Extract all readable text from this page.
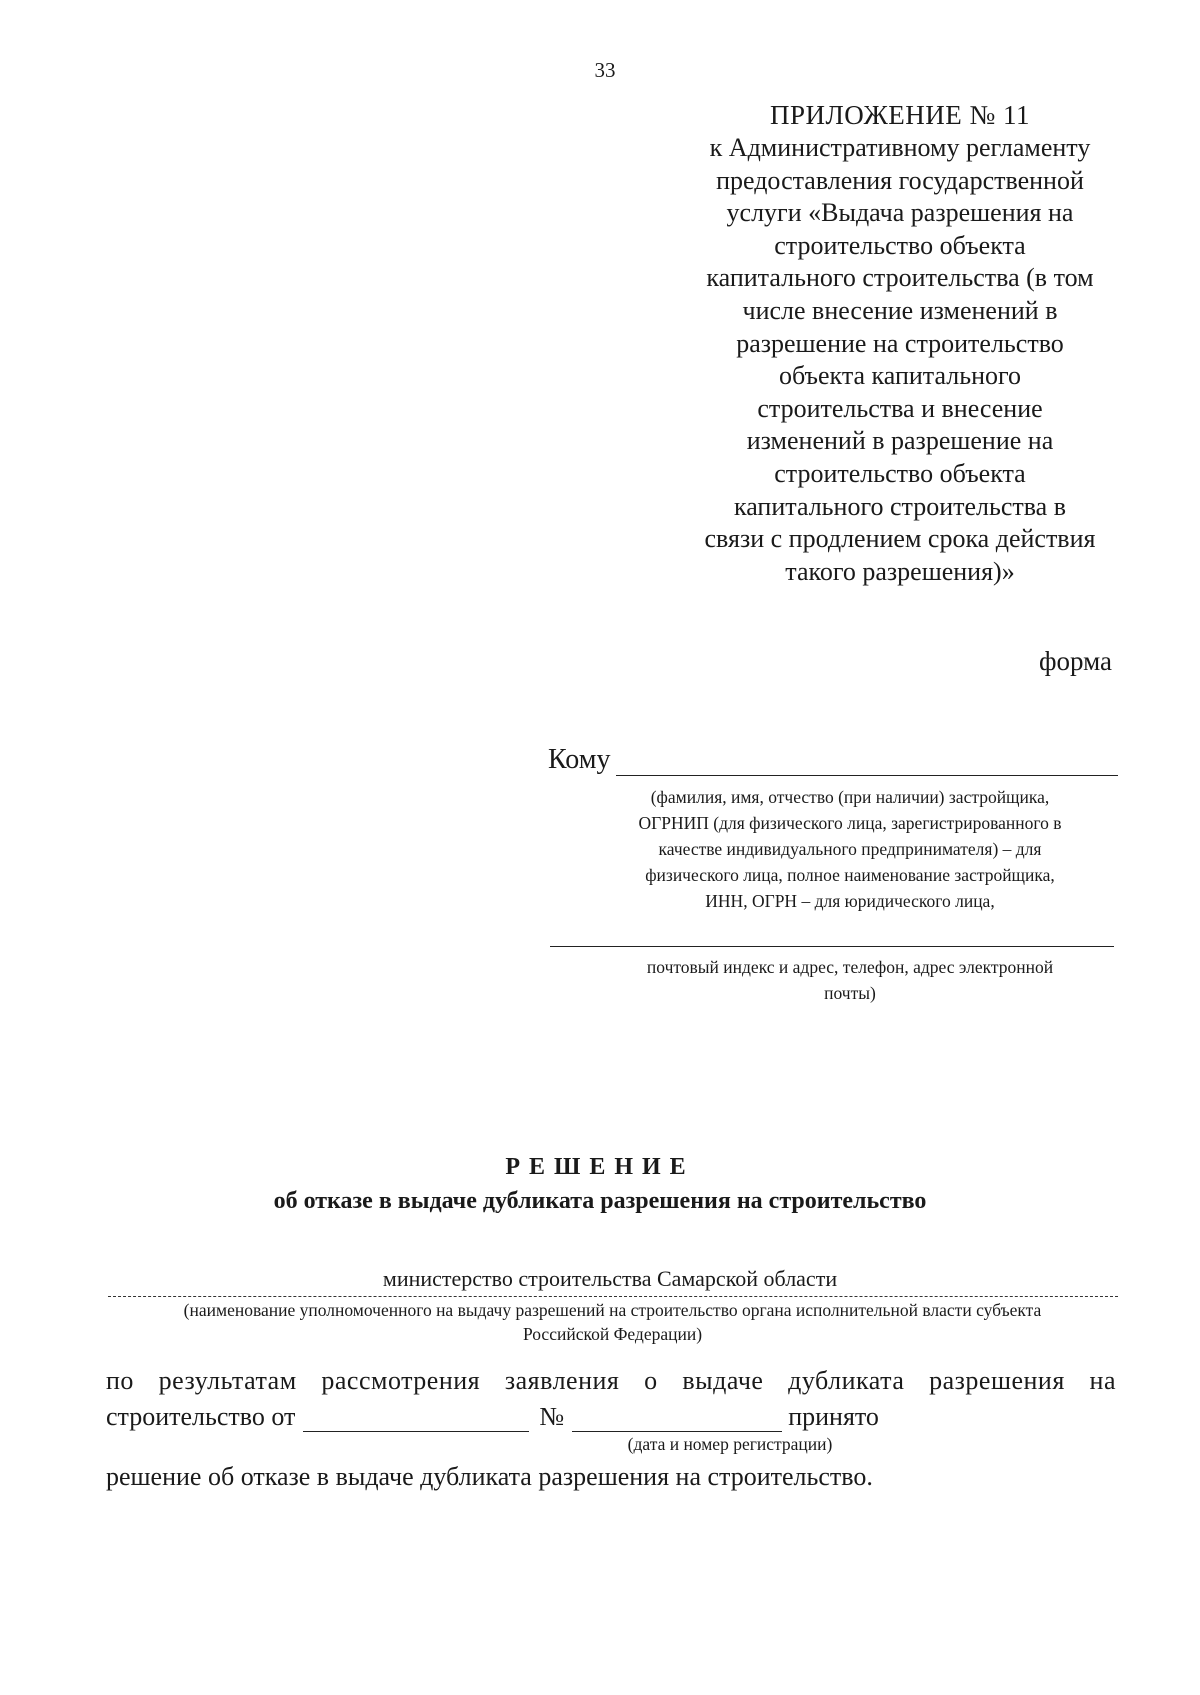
33
ПРИЛОЖЕНИЕ № 11
к Административному регламенту
предоставления государственной
услуги «Выдача разрешения на
строительство объекта
капитального строительства (в том
числе внесение изменений в
разрешение на строительство
объекта капитального
строительства и внесение
изменений в разрешение на
строительство объекта
капитального строительства в
связи с продлением срока действия
такого разрешения)»
форма
Кому
(фамилия, имя, отчество (при наличии) застройщика,
ОГРНИП (для физического лица, зарегистрированного в
качестве индивидуального предпринимателя) – для
физического лица, полное наименование застройщика,
ИНН, ОГРН – для юридического лица,
почтовый индекс и адрес, телефон, адрес электронной
почты)
РЕШЕНИЕ
об отказе в выдаче дубликата разрешения на строительство
министерство строительства Самарской области
(наименование уполномоченного на выдачу разрешений на строительство органа исполнительной власти субъекта
Российской Федерации)
по результатам рассмотрения заявления о выдаче дубликата разрешения на
строительство от	№	принято
(дата и номер регистрации)
решение об отказе в выдаче дубликата разрешения на строительство.
